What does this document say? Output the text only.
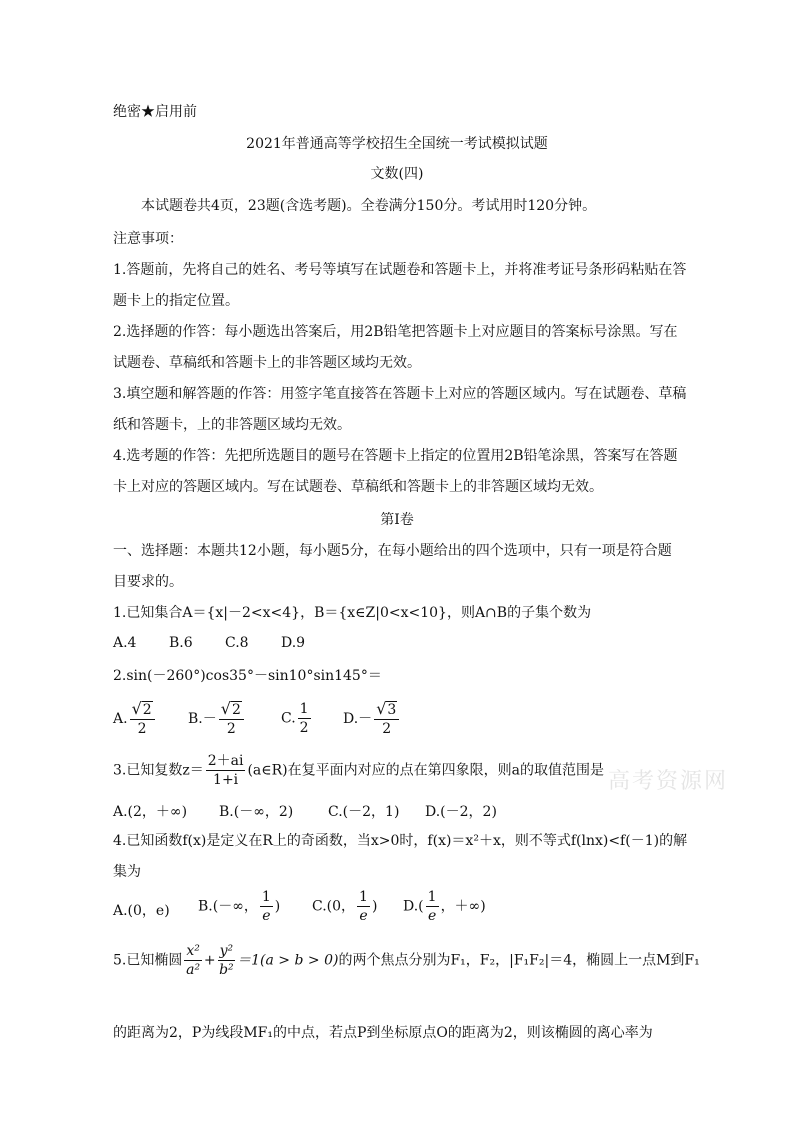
绝密★启用前
2021年普通高等学校招生全国统一考试模拟试题
文数(四)
本试题卷共4页，23题(含选考题)。全卷满分150分。考试用时120分钟。
注意事项：
1.答题前，先将自己的姓名、考号等填写在试题卷和答题卡上，并将准考证号条形码粘贴在答
题卡上的指定位置。
2.选择题的作答：每小题选出答案后，用2B铅笔把答题卡上对应题目的答案标号涂黑。写在
试题卷、草稿纸和答题卡上的非答题区域均无效。
3.填空题和解答题的作答：用签字笔直接答在答题卡上对应的答题区域内。写在试题卷、草稿
纸和答题卡，上的非答题区域均无效。
4.选考题的作答：先把所选题目的题号在答题卡上指定的位置用2B铅笔涂黑，答案写在答题
卡上对应的答题区域内。写在试题卷、草稿纸和答题卡上的非答题区域均无效。
第I卷
一、选择题：本题共12小题，每小题5分，在每小题给出的四个选项中，只有一项是符合题
目要求的。
1.已知集合A＝{x|－2<x<4}，B＝{x∈Z|0<x<10}，则A∩B的子集个数为
A.4 B.6 C.8 D.9
2.sin(－260°)cos35°－sin10°sin145°＝
A. $\frac{√2}{2} B.- \frac{√2}{2}$	C. $\frac{1}{2} D.- \frac{√3}{2}$
3.已知复数$z= \frac{2+ai}{1+i}$ (a∈R)在复平面内对应的点在第四象限，则a的取值范围是
A.(2，＋∞) B.(－∞，2) C.(－2，1) D.(－2，2)
4.已知函数f(x)是定义在R上的奇函数，当x>0时，f(x)＝x²＋x，则不等式f(lnx)<f(－1)的解
集为
A.(0，e) B.(－∞， $\frac{1}{e}$ ) C.(0， $\frac{1}{e}$ ) $D.( \frac{1}{e}$ ，＋∞)
5.已知椭圆 $\frac{\text{x²}}{\text{a²}} + \frac{\text{y²}}{\text{b²}} =1(a > b > 0)$的两个焦点分别为F₁，F₂，|F₁F₂|＝4，椭圆上一点M到F₁
的距离为2，P为线段MF₁的中点，若点P到坐标原点O的距离为2，则该椭圆的离心率为
高考资源网
